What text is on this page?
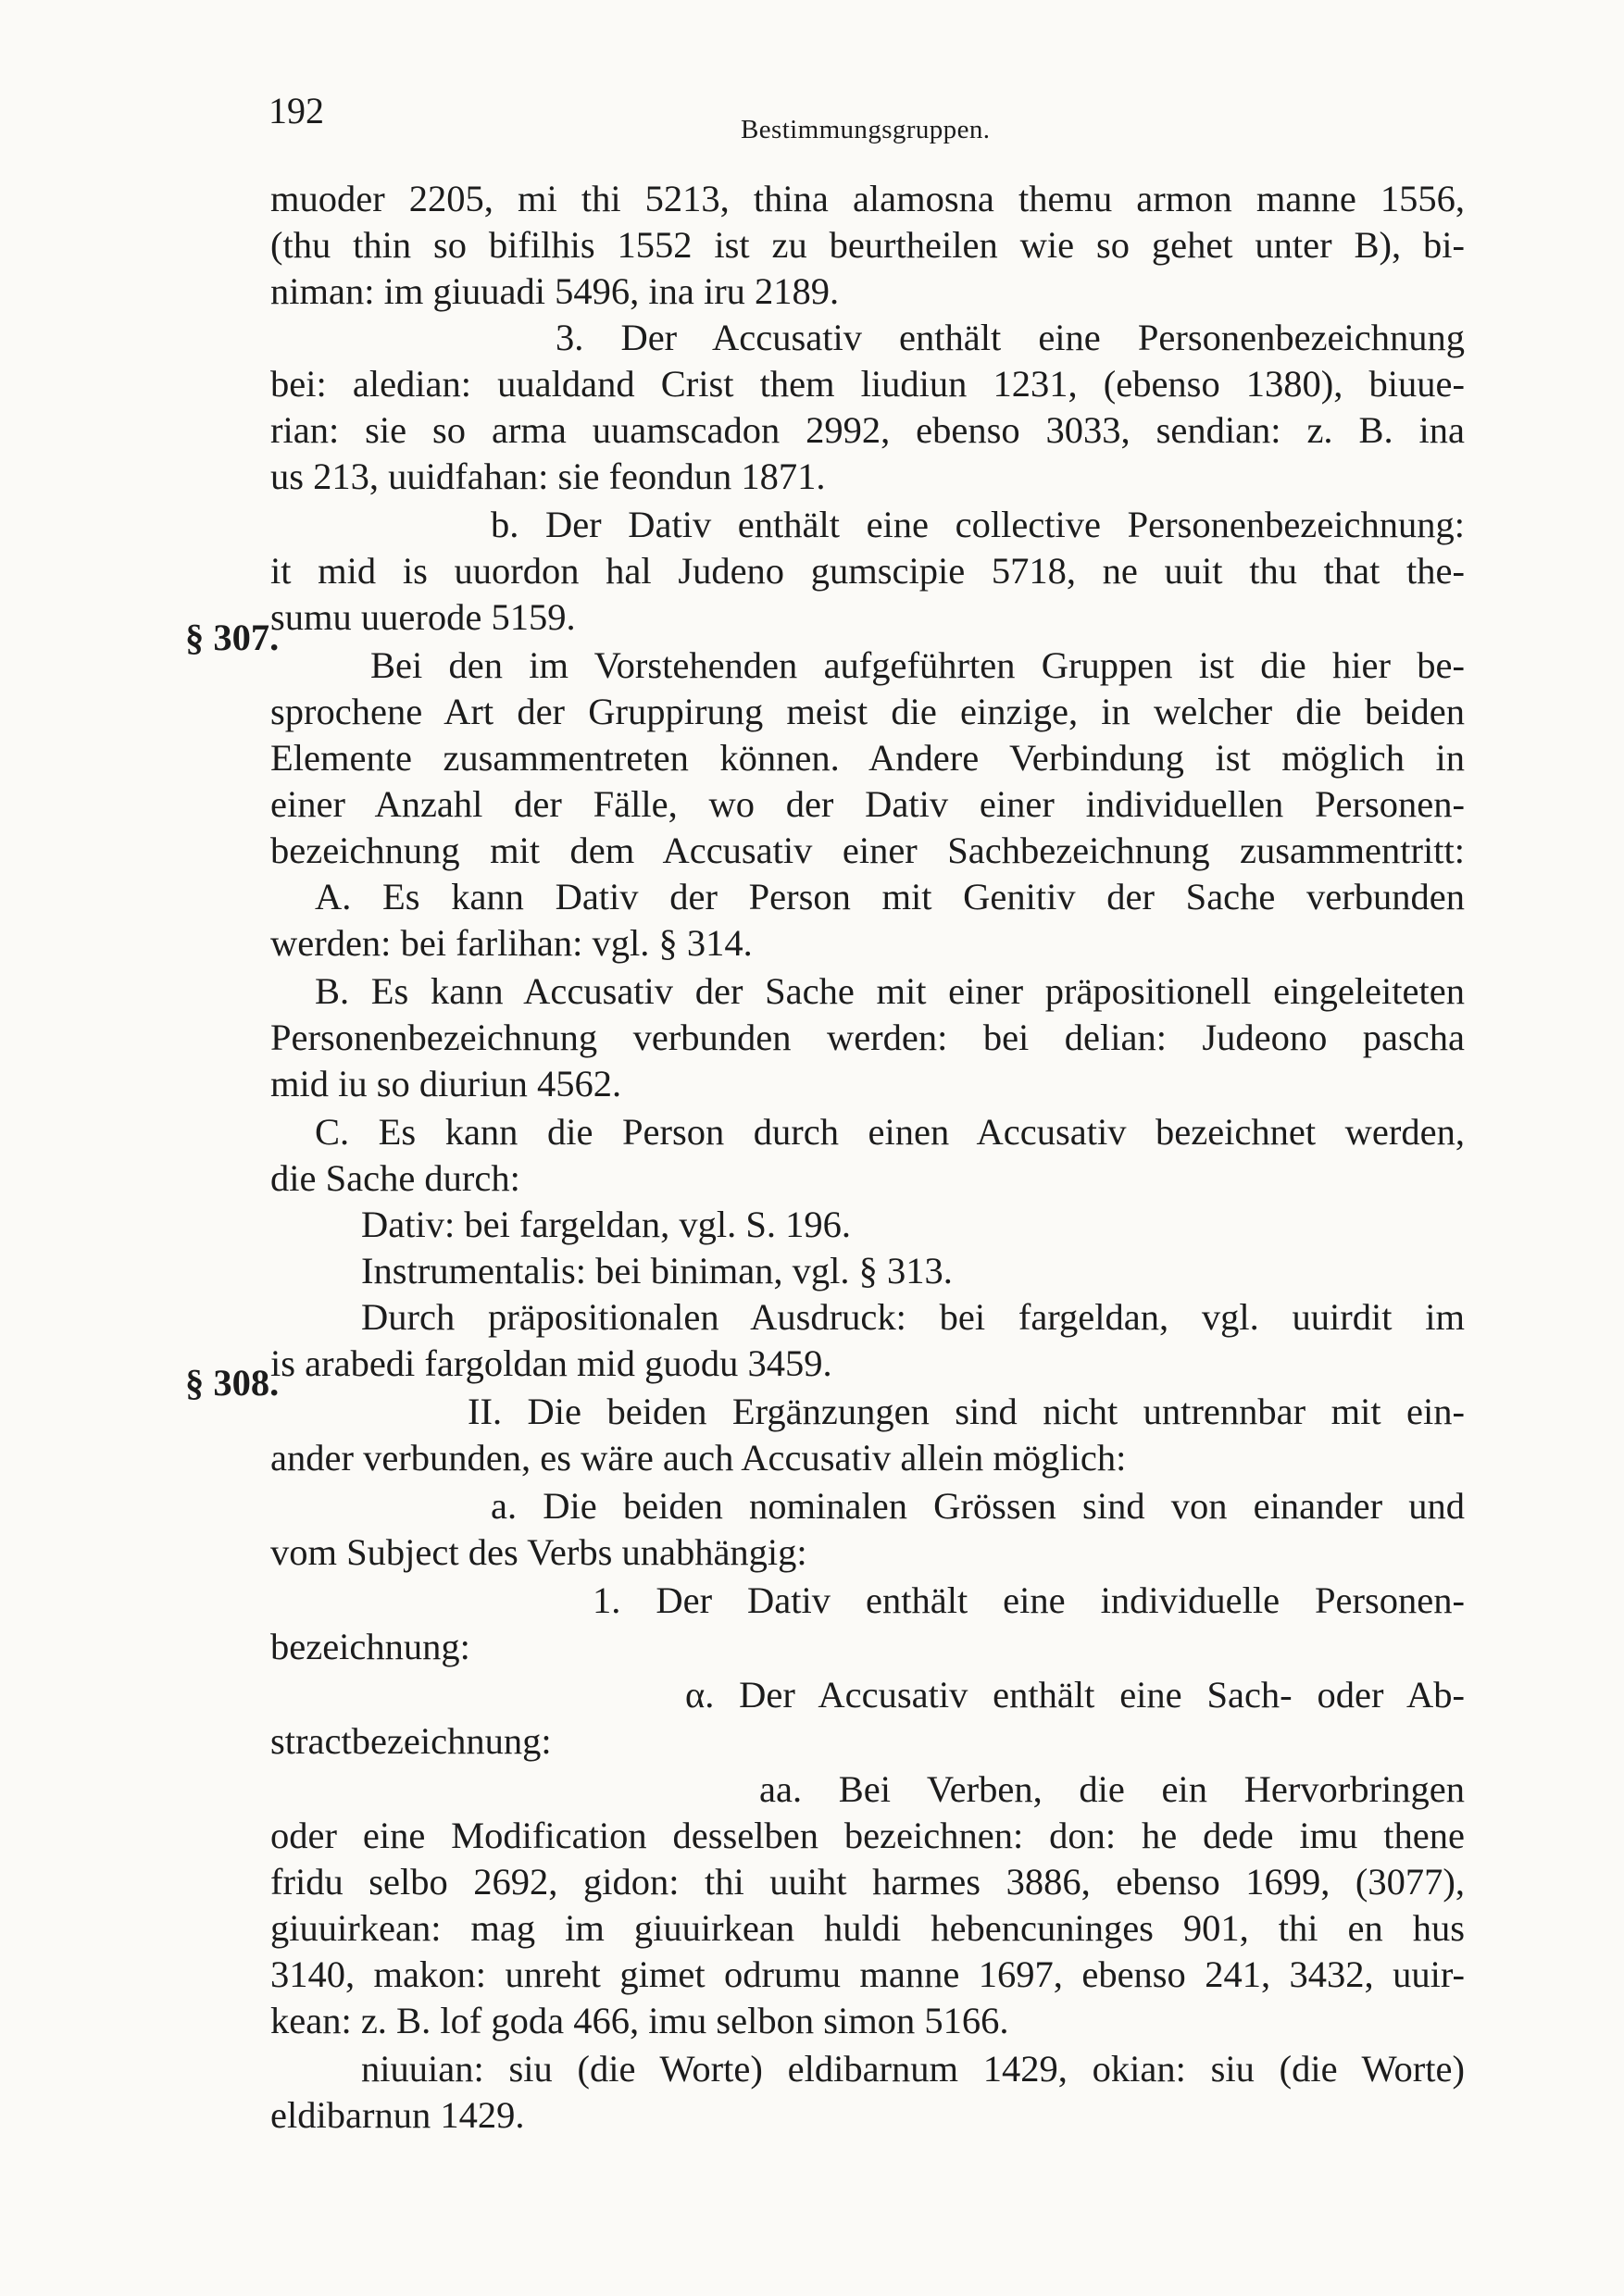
192	Bestimmungsgruppen.
§ 307.
§ 308.
muoder 2205, mi thi 5213, thina alamosna themu armon manne 1556,
(thu thin so bifilhis 1552 ist zu beurtheilen wie so gehet unter B), bi-
niman: im giuuadi 5496, ina iru 2189.
3. Der Accusativ enthält eine Personenbezeichnung
bei: aledian: uualdand Crist them liudiun 1231, (ebenso 1380), biuue-
rian: sie so arma uuamscadon 2992, ebenso 3033, sendian: z. B. ina
us 213, uuidfahan: sie feondun 1871.
b. Der Dativ enthält eine collective Personenbezeichnung:
it mid is uuordon hal Judeno gumscipie 5718, ne uuit thu that the-
sumu uuerode 5159.
Bei den im Vorstehenden aufgeführten Gruppen ist die hier be-
sprochene Art der Gruppirung meist die einzige, in welcher die beiden
Elemente zusammentreten können. Andere Verbindung ist möglich in
einer Anzahl der Fälle, wo der Dativ einer individuellen Personen-
bezeichnung mit dem Accusativ einer Sachbezeichnung zusammentritt:
A. Es kann Dativ der Person mit Genitiv der Sache verbunden
werden: bei farlihan: vgl. § 314.
B. Es kann Accusativ der Sache mit einer präpositionell eingeleiteten
Personenbezeichnung verbunden werden: bei delian: Judeono pascha
mid iu so diuriun 4562.
C. Es kann die Person durch einen Accusativ bezeichnet werden,
die Sache durch:
Dativ: bei fargeldan, vgl. S. 196.
Instrumentalis: bei biniman, vgl. § 313.
Durch präpositionalen Ausdruck: bei fargeldan, vgl. uuirdit im
is arabedi fargoldan mid guodu 3459.
II. Die beiden Ergänzungen sind nicht untrennbar mit ein-
ander verbunden, es wäre auch Accusativ allein möglich:
a. Die beiden nominalen Grössen sind von einander und
vom Subject des Verbs unabhängig:
1. Der Dativ enthält eine individuelle Personen-
bezeichnung:
α. Der Accusativ enthält eine Sach- oder Ab-
stractbezeichnung:
aa. Bei Verben, die ein Hervorbringen
oder eine Modification desselben bezeichnen: don: he dede imu thene
fridu selbo 2692, gidon: thi uuiht harmes 3886, ebenso 1699, (3077),
giuuirkean: mag im giuuirkean huldi hebencuninges 901, thi en hus
3140, makon: unreht gimet odrumu manne 1697, ebenso 241, 3432, uuir-
kean: z. B. lof goda 466, imu selbon simon 5166.
niuuian: siu (die Worte) eldibarnum 1429, okian: siu (die Worte)
eldibarnun 1429.
